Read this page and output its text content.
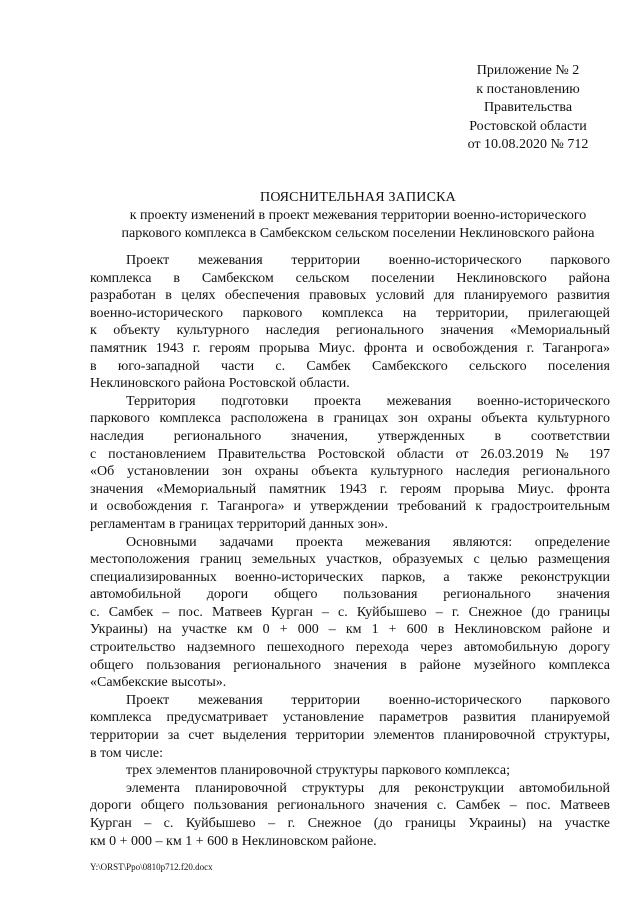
Приложение № 2
к постановлению
Правительства
Ростовской области
от 10.08.2020 № 712
ПОЯСНИТЕЛЬНАЯ ЗАПИСКА
к проекту изменений в проект межевания территории военно-исторического
паркового комплекса в Самбекском сельском поселении Неклиновского района
Проект межевания территории военно-исторического паркового
комплекса в Самбекском сельском поселении Неклиновского района
разработан в целях обеспечения правовых условий для планируемого развития
военно-исторического паркового комплекса на территории, прилегающей
к объекту культурного наследия регионального значения «Мемориальный
памятник 1943 г. героям прорыва Миус. фронта и освобождения г. Таганрога»
в юго-западной части с. Самбек Самбекского сельского поселения
Неклиновского района Ростовской области.
Территория подготовки проекта межевания военно-исторического
паркового комплекса расположена в границах зон охраны объекта культурного
наследия регионального значения, утвержденных в соответствии
с постановлением Правительства Ростовской области от 26.03.2019 № 197
«Об установлении зон охраны объекта культурного наследия регионального
значения «Мемориальный памятник 1943 г. героям прорыва Миус. фронта
и освобождения г. Таганрога» и утверждении требований к градостроительным
регламентам в границах территорий данных зон».
Основными задачами проекта межевания являются: определение
местоположения границ земельных участков, образуемых с целью размещения
специализированных военно-исторических парков, а также реконструкции
автомобильной дороги общего пользования регионального значения
с. Самбек – пос. Матвеев Курган – с. Куйбышево – г. Снежное (до границы
Украины) на участке км 0 + 000 – км 1 + 600 в Неклиновском районе и
строительство надземного пешеходного перехода через автомобильную дорогу
общего пользования регионального значения в районе музейного комплекса
«Самбекские высоты».
Проект межевания территории военно-исторического паркового
комплекса предусматривает установление параметров развития планируемой
территории за счет выделения территории элементов планировочной структуры,
в том числе:
трех элементов планировочной структуры паркового комплекса;
элемента планировочной структуры для реконструкции автомобильной
дороги общего пользования регионального значения с. Самбек – пос. Матвеев
Курган – с. Куйбышево – г. Снежное (до границы Украины) на участке
км 0 + 000 – км 1 + 600 в Неклиновском районе.
Y:\ORST\Ppo\0810p712.f20.docx
